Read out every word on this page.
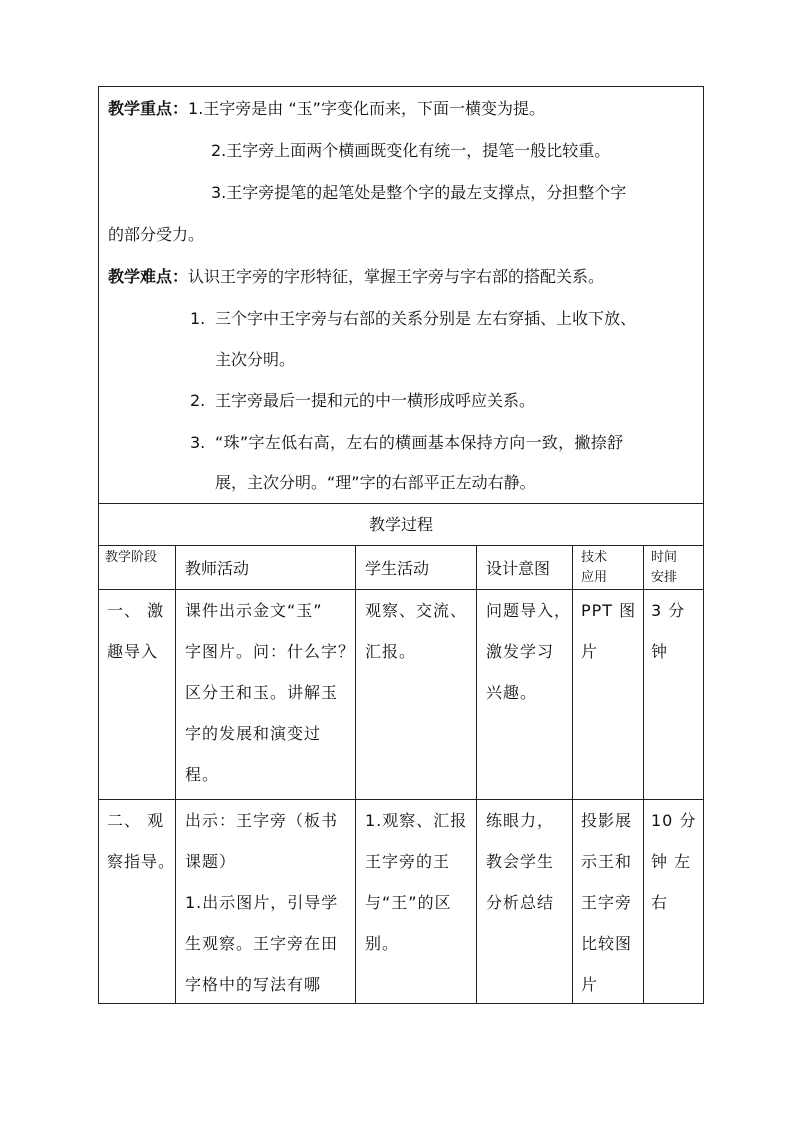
教学重点：1.王字旁是由 “玉”字变化而来，下面一横变为提。
2.王字旁上面两个横画既变化有统一，提笔一般比较重。
3.王字旁提笔的起笔处是整个字的最左支撑点，分担整个字
的部分受力。
教学难点：认识王字旁的字形特征，掌握王字旁与字右部的搭配关系。
1. 三个字中王字旁与右部的关系分别是 左右穿插、上收下放、
主次分明。
2. 王字旁最后一提和元的中一横形成呼应关系。
3. “珠”字左低右高，左右的横画基本保持方向一致，撇捺舒
展，主次分明。“理”字的右部平正左动右静。
教学过程
教学阶段
教师活动	学生活动	设计意图
技术
应用
时间
安排
一、 激
趣导入
课件出示金文“玉”
字图片。问：什么字？
区分王和玉。讲解玉
字的发展和演变过
程。
观察、交流、
汇报。
问题导入，
激发学习
兴趣。
PPT 图
片
3 分
钟
二、 观
察指导。
出示：王字旁（板书
课题）
1.出示图片，引导学
生观察。王字旁在田
字格中的写法有哪
1.观察、汇报
王字旁的王
与“王”的区
别。
练眼力，
教会学生
分析总结
投影展
示王和
王字旁
比较图
片
10 分
钟 左
右
